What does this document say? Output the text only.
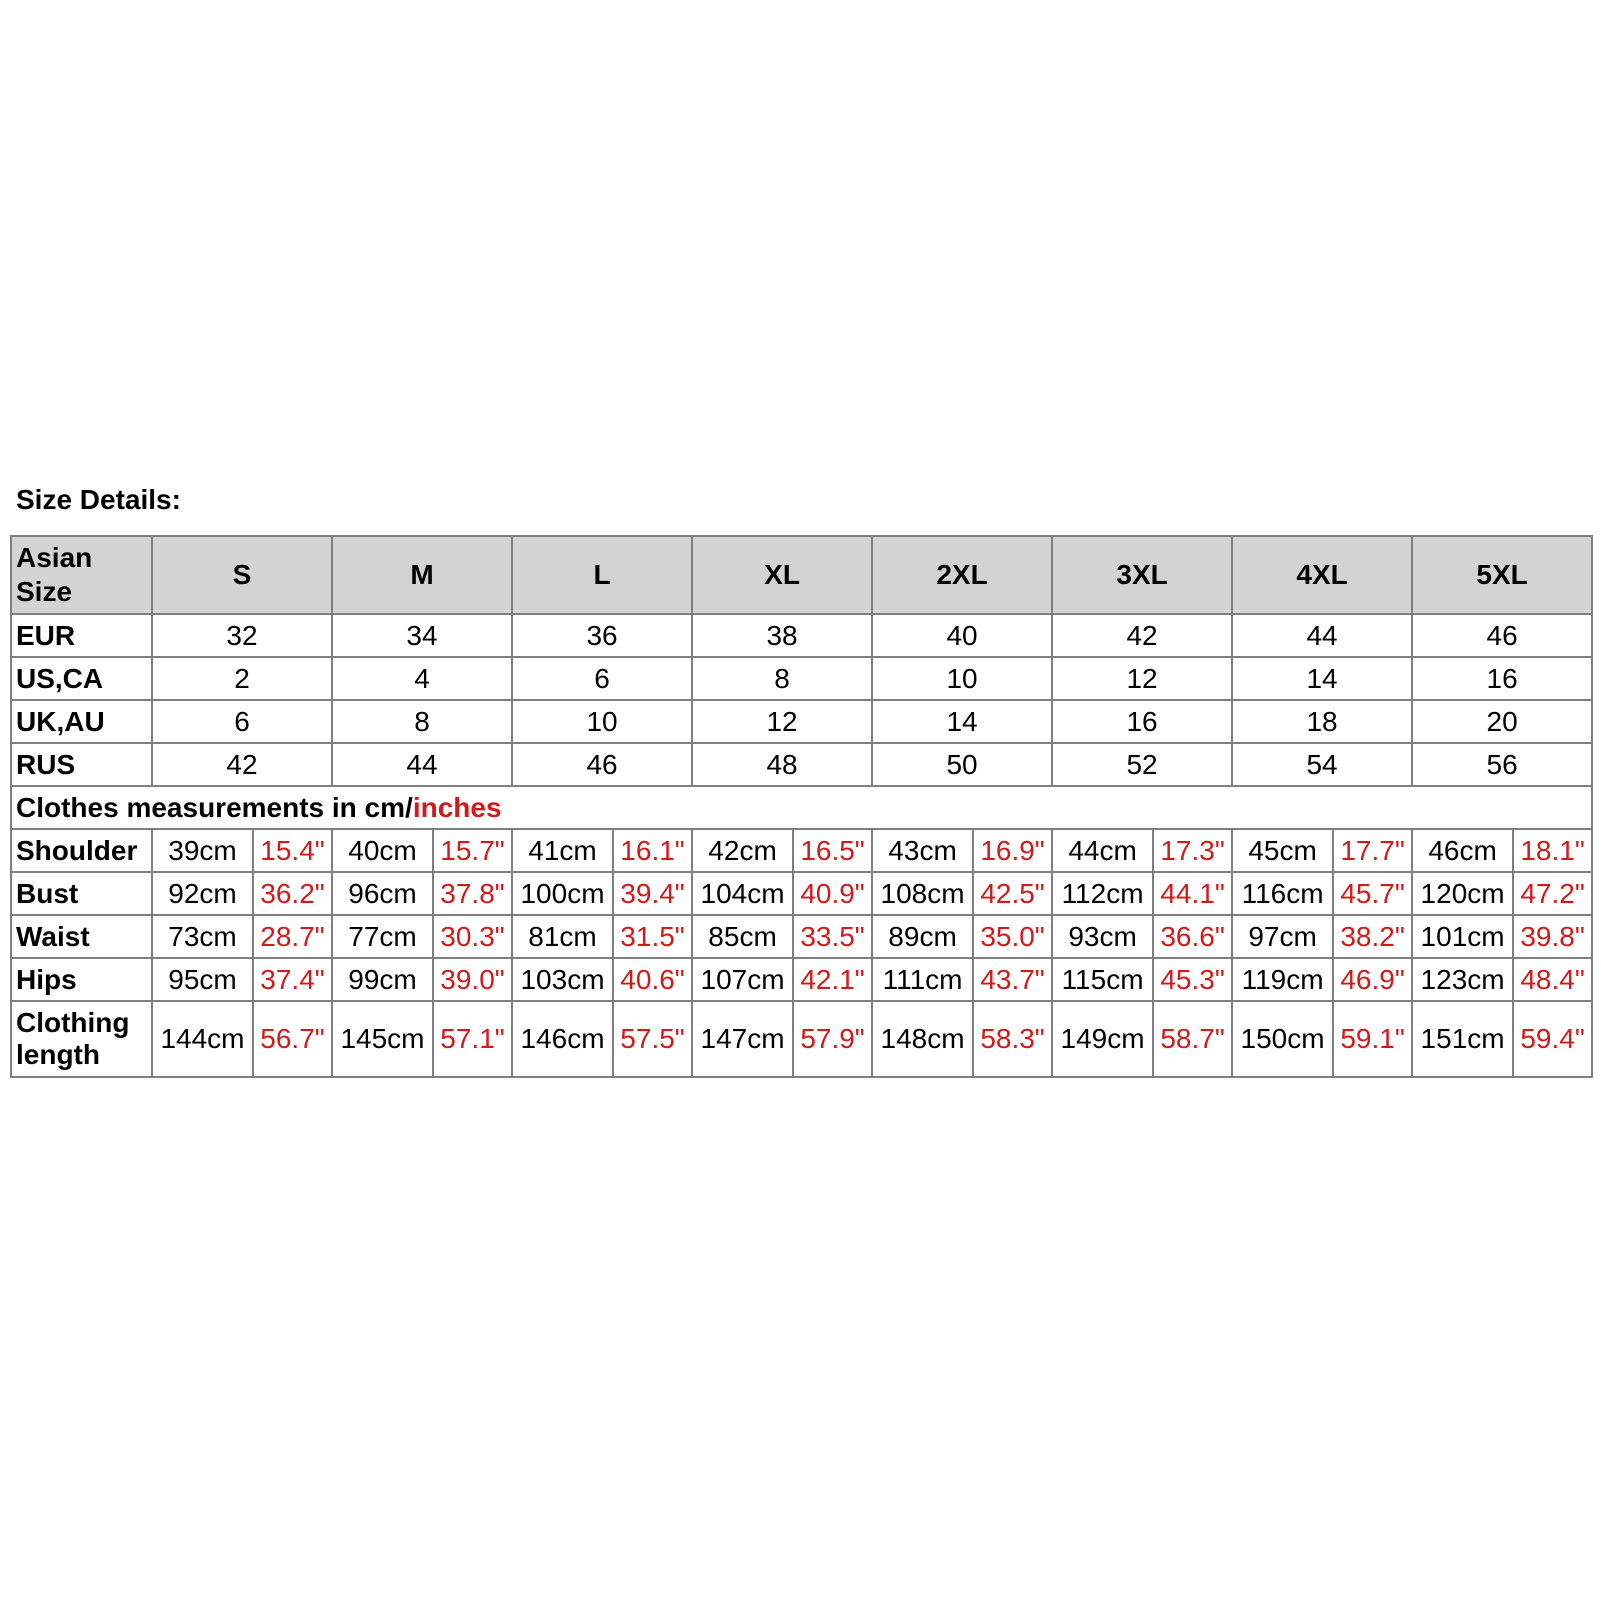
Size Details:
Asian Size	S		M		L		XL		2XL		3XL		4XL		5XL	
EUR	32		34		36		38		40		42		44		46	
US,CA	2		4		6		8		10		12		14		16	
UK,AU	6		8		10		12		14		16		18		20	
RUS	42		44		46		48		50		52		54		56	
Clothes measurements in cm/inches																
Shoulder	39cm	15.4"	40cm	15.7"	41cm	16.1"	42cm	16.5"	43cm	16.9"	44cm	17.3"	45cm	17.7"	46cm	18.1"
Bust	92cm	36.2"	96cm	37.8"	100cm	39.4"	104cm	40.9"	108cm	42.5"	112cm	44.1"	116cm	45.7"	120cm	47.2"
Waist	73cm	28.7"	77cm	30.3"	81cm	31.5"	85cm	33.5"	89cm	35.0"	93cm	36.6"	97cm	38.2"	101cm	39.8"
Hips	95cm	37.4"	99cm	39.0"	103cm	40.6"	107cm	42.1"	111cm	43.7"	115cm	45.3"	119cm	46.9"	123cm	48.4"
Clothing length	144cm	56.7"	145cm	57.1"	146cm	57.5"	147cm	57.9"	148cm	58.3"	149cm	58.7"	150cm	59.1"	151cm	59.4"
